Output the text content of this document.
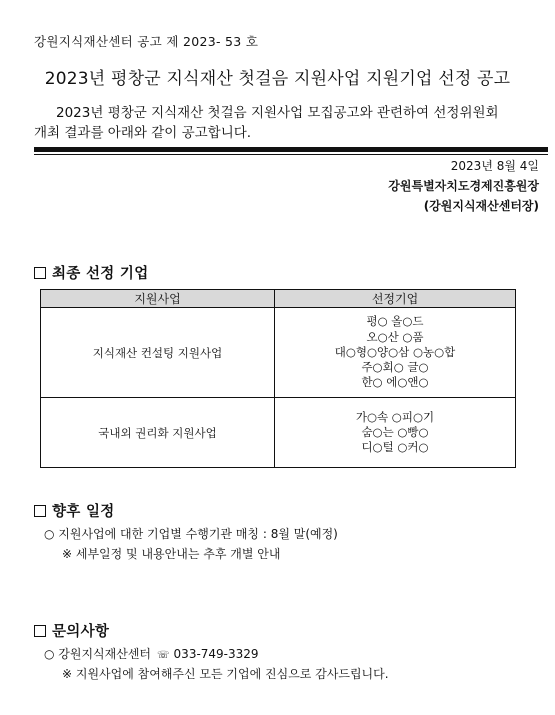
강원지식재산센터 공고 제 2023- 53 호
2023년 평창군 지식재산 첫걸음 지원사업 지원기업 선정 공고
2023년 평창군 지식재산 첫걸음 지원사업 모집공고와 관련하여 선정위원회
개최 결과를 아래와 같이 공고합니다.
2023년 8월 4일
강원특별자치도경제진흥원장
(강원지식재산센터장)
최종 선정 기업
지원사업	선정기업
지식재산 컨설팅 지원사업	평○ 올○드
오○산 ○품
대○형○양○삼 ○농○합
주○회○ 글○
한○ 에○앤○

국내외 권리화 지원사업	가○속 ○피○기
숨○는 ○빵○
디○털 ○커○
향후 일정
○ 지원사업에 대한 기업별 수행기관 매칭 : 8월 말(예정)
※ 세부일정 및 내용안내는 추후 개별 안내
문의사항
○ 강원지식재산센터 ☏ 033-749-3329
※ 지원사업에 참여해주신 모든 기업에 진심으로 감사드립니다.
